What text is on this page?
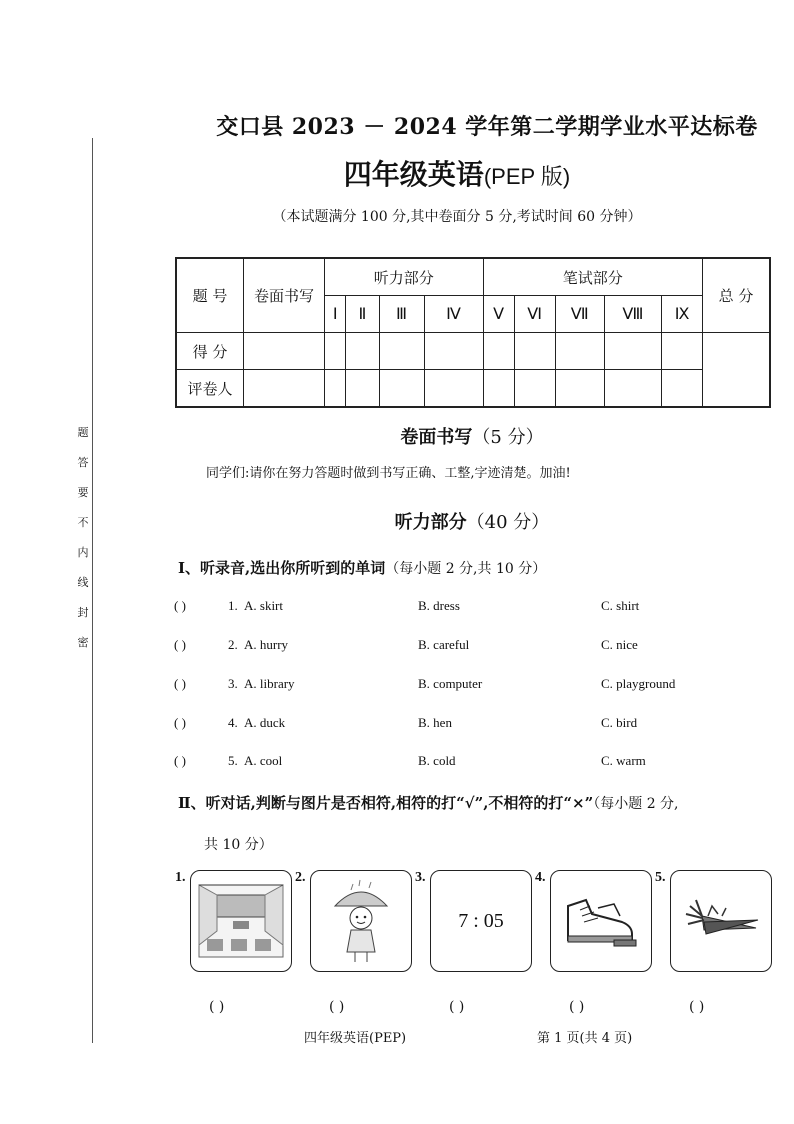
题
答
要
不
内
线
封
密
交口县 2023 － 2024 学年第二学期学业水平达标卷
四年级英语(PEP 版)
（本试题满分 100 分,其中卷面分 5 分,考试时间 60 分钟）
题 号	卷面书写	听力部分				笔试部分					总 分
		Ⅰ	Ⅱ	Ⅲ	Ⅳ	Ⅴ	Ⅵ	Ⅶ	Ⅷ	Ⅸ	
得 分											
评卷人											
卷面书写（5 分）
同学们:请你在努力答题时做到书写正确、工整,字迹清楚。加油!
听力部分（40 分）
Ⅰ、听录音,选出你所听到的单词（每小题 2 分,共 10 分）
( )	1. A. skirt	B. dress	C. shirt
( )	2. A. hurry	B. careful	C. nice
( )	3. A. library	B. computer	C. playground
( )	4. A. duck	B. hen	C. bird
( )	5. A. cool	B. cold	C. warm
Ⅱ、听对话,判断与图片是否相符,相符的打“√”,不相符的打“×”（每小题 2 分,
共 10 分）
1.	2.	3.
7 : 05
4.	5.
( )	( )	( )	( )	( )
四年级英语(PEP)	第 1 页(共 4 页)
